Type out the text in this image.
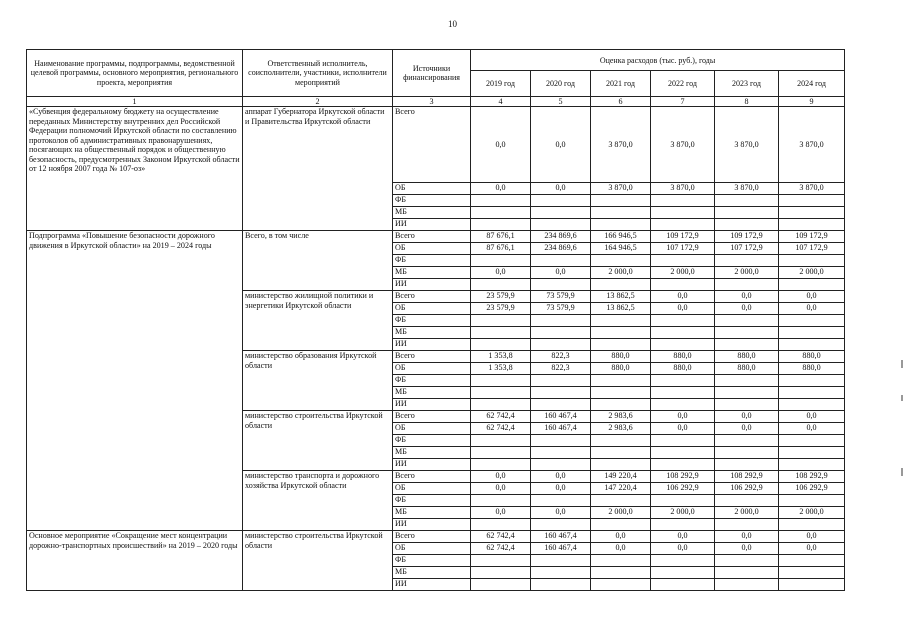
10
Наименование программы, подпрограммы, ведомственной целевой программы, основного мероприятия, регионального проекта, мероприятия	Ответственный исполнитель, соисполнители, участники, исполнители мероприятий	Источники финансирования	Оценка расходов (тыс. руб.), годы					
			2019 год	2020 год	2021 год	2022 год	2023 год	2024 год
1	2	3	4	5	6	7	8	9
«Субвенция федеральному бюджету на осуществление переданных Министерству внутренних дел Российской Федерации полномочий Иркутской области по составлению протоколов об административных правонарушениях, посягающих на общественный порядок и общественную безопасность, предусмотренных Законом Иркутской области от 12 ноября 2007 года № 107-оз»	аппарат Губернатора Иркутской области и Правительства Иркутской области	Всего	0,0	0,0	3 870,0	3 870,0	3 870,0	3 870,0
		ОБ	0,0	0,0	3 870,0	3 870,0	3 870,0	3 870,0
		ФБ						
		МБ						
		ИИ						
Подпрограмма «Повышение безопасности дорожного движения в Иркутской области» на 2019 – 2024 годы	Всего, в том числе	Всего	87 676,1	234 869,6	166 946,5	109 172,9	109 172,9	109 172,9
		ОБ	87 676,1	234 869,6	164 946,5	107 172,9	107 172,9	107 172,9
		ФБ						
		МБ	0,0	0,0	2 000,0	2 000,0	2 000,0	2 000,0
		ИИ						
	министерство жилищной политики и энергетики Иркутской области	Всего	23 579,9	73 579,9	13 862,5	0,0	0,0	0,0
		ОБ	23 579,9	73 579,9	13 862,5	0,0	0,0	0,0
		ФБ						
		МБ						
		ИИ						
	министерство образования Иркутской области	Всего	1 353,8	822,3	880,0	880,0	880,0	880,0
		ОБ	1 353,8	822,3	880,0	880,0	880,0	880,0
		ФБ						
		МБ						
		ИИ						
	министерство строительства Иркутской области	Всего	62 742,4	160 467,4	2 983,6	0,0	0,0	0,0
		ОБ	62 742,4	160 467,4	2 983,6	0,0	0,0	0,0
		ФБ						
		МБ						
		ИИ						
	министерство транспорта и дорожного хозяйства Иркутской области	Всего	0,0	0,0	149 220,4	108 292,9	108 292,9	108 292,9
		ОБ	0,0	0,0	147 220,4	106 292,9	106 292,9	106 292,9
		ФБ						
		МБ	0,0	0,0	2 000,0	2 000,0	2 000,0	2 000,0
		ИИ						
Основное мероприятие «Сокращение мест концентрации дорожно-транспортных происшествий» на 2019 – 2020 годы	министерство строительства Иркутской области	Всего	62 742,4	160 467,4	0,0	0,0	0,0	0,0
		ОБ	62 742,4	160 467,4	0,0	0,0	0,0	0,0
		ФБ						
		МБ						
		ИИ						
